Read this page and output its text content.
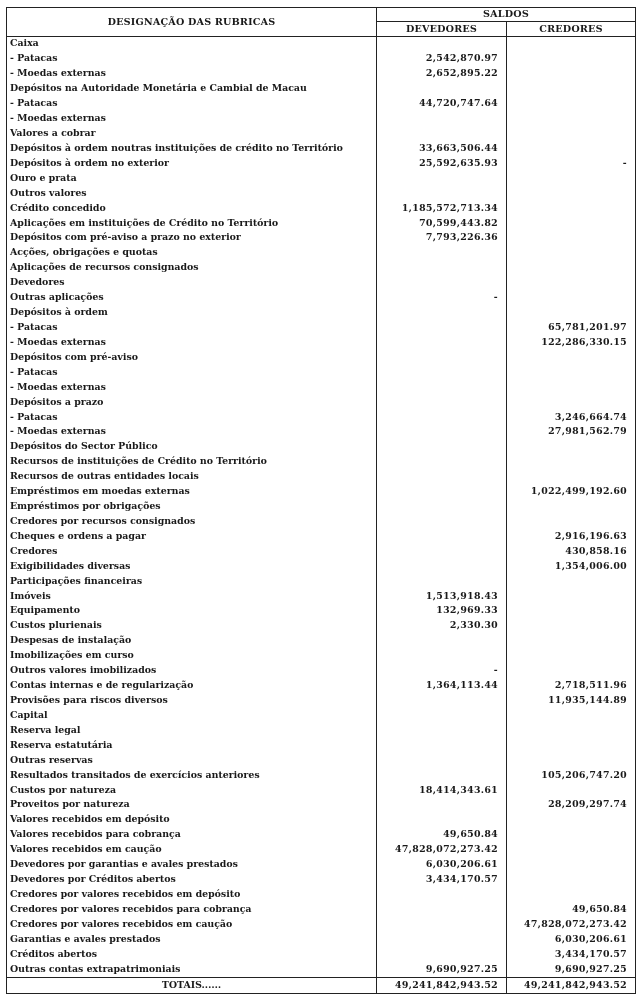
DESIGNAÇÃO DAS RUBRICAS	SALDOS	
	DEVEDORES	CREDORES
Caixa		
- Patacas	2,542,870.97	
- Moedas externas	2,652,895.22	
Depósitos na Autoridade Monetária e Cambial de Macau		
- Patacas	44,720,747.64	
- Moedas externas		
Valores a cobrar		
Depósitos à ordem noutras instituições de crédito no Território	33,663,506.44	
Depósitos à ordem no exterior	25,592,635.93	-
Ouro e prata		
Outros valores		
Crédito concedido	1,185,572,713.34	
Aplicações em instituições de Crédito no Território	70,599,443.82	
Depósitos com pré-aviso a prazo no exterior	7,793,226.36	
Acções, obrigações e quotas		
Aplicações de recursos consignados		
Devedores		
Outras aplicações	-	
Depósitos à ordem		
- Patacas		65,781,201.97
- Moedas externas		122,286,330.15
Depósitos com pré-aviso		
- Patacas		
- Moedas externas		
Depósitos a prazo		
- Patacas		3,246,664.74
- Moedas externas		27,981,562.79
Depósitos do Sector Público		
Recursos de instituições de Crédito no Território		
Recursos de outras entidades locais		
Empréstimos em moedas externas		1,022,499,192.60
Empréstimos por obrigações		
Credores por recursos consignados		
Cheques e ordens a pagar		2,916,196.63
Credores		430,858.16
Exigibilidades diversas		1,354,006.00
Participações financeiras		
Imóveis	1,513,918.43	
Equipamento	132,969.33	
Custos plurienais	2,330.30	
Despesas de instalação		
Imobilizações em curso		
Outros valores imobilizados	-	
Contas internas e de regularização	1,364,113.44	2,718,511.96
Provisões para riscos diversos		11,935,144.89
Capital		
Reserva legal		
Reserva estatutária		
Outras reservas		
Resultados transitados de exercícios anteriores		105,206,747.20
Custos por natureza	18,414,343.61	
Proveitos por natureza		28,209,297.74
Valores recebidos em depósito		
Valores recebidos para cobrança	49,650.84	
Valores recebidos em caução	47,828,072,273.42	
Devedores por garantias e avales prestados	6,030,206.61	
Devedores por Créditos abertos	3,434,170.57	
Credores por valores recebidos em depósito		
Credores por valores recebidos para cobrança		49,650.84
Credores por valores recebidos em caução		47,828,072,273.42
Garantias e avales prestados		6,030,206.61
Créditos abertos		3,434,170.57
Outras contas extrapatrimoniais	9,690,927.25	9,690,927.25
TOTAIS......	49,241,842,943.52	49,241,842,943.52
